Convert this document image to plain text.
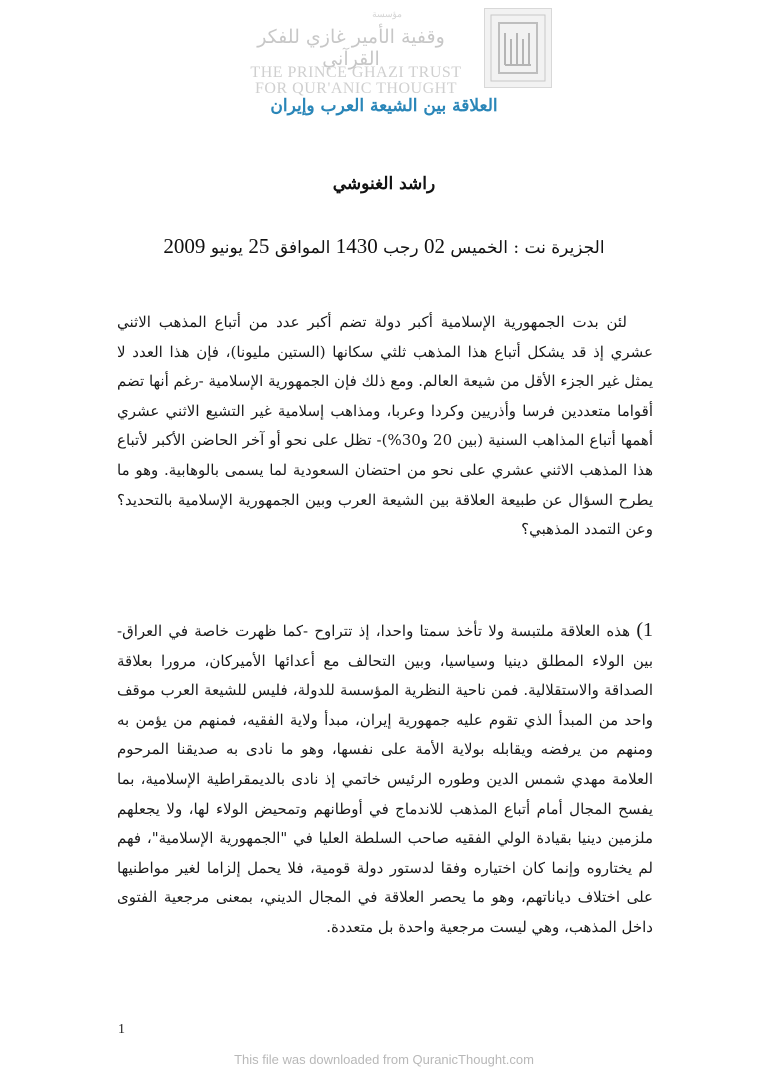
مؤسسة
وقفية الأمير غازي للفكر القرآني
THE PRINCE GHAZI TRUST
FOR QUR'ANIC THOUGHT
العلاقة بين الشيعة العرب وإيران
راشد الغنوشي
الجزيرة نت : الخميس 02 رجب 1430 الموافق 25 يونيو 2009

لئن بدت الجمهورية الإسلامية أكبر دولة تضم أكبر عدد من أتباع المذهب الاثني عشري إذ قد يشكل أتباع هذا المذهب ثلثي سكانها (الستين مليونا)، فإن هذا العدد لا يمثل غير الجزء الأقل من شيعة العالم. ومع ذلك فإن الجمهورية الإسلامية -رغم أنها تضم أقواما متعددين فرسا وأذريين وكردا وعربا، ومذاهب إسلامية غير التشيع الاثني عشري أهمها أتباع المذاهب السنية (بين 20 و30%)- تظل على نحو أو آخر الحاضن الأكبر لأتباع هذا المذهب الاثني عشري على نحو من احتضان السعودية لما يسمى بالوهابية. وهو ما يطرح السؤال عن طبيعة العلاقة بين الشيعة العرب وبين الجمهورية الإسلامية بالتحديد؟ وعن التمدد المذهبي؟

1) هذه العلاقة ملتبسة ولا تأخذ سمتا واحدا، إذ تتراوح -كما ظهرت خاصة في العراق- بين الولاء المطلق دينيا وسياسيا، وبين التحالف مع أعدائها الأميركان، مرورا بعلاقة الصداقة والاستقلالية. فمن ناحية النظرية المؤسسة للدولة، فليس للشيعة العرب موقف واحد من المبدأ الذي تقوم عليه جمهورية إيران، مبدأ ولاية الفقيه، فمنهم من يؤمن به ومنهم من يرفضه ويقابله بولاية الأمة على نفسها، وهو ما نادى به صديقنا المرحوم العلامة مهدي شمس الدين وطوره الرئيس خاتمي إذ نادى بالديمقراطية الإسلامية، بما يفسح المجال أمام أتباع المذهب للاندماج في أوطانهم وتمحيض الولاء لها، ولا يجعلهم ملزمين دينيا بقيادة الولي الفقيه صاحب السلطة العليا في "الجمهورية الإسلامية"، فهم لم يختاروه وإنما كان اختياره وفقا لدستور دولة قومية، فلا يحمل إلزاما لغير مواطنيها على اختلاف دياناتهم، وهو ما يحصر العلاقة في المجال الديني، بمعنى مرجعية الفتوى داخل المذهب، وهي ليست مرجعية واحدة بل متعددة.

1
This file was downloaded from QuranicThought.com
